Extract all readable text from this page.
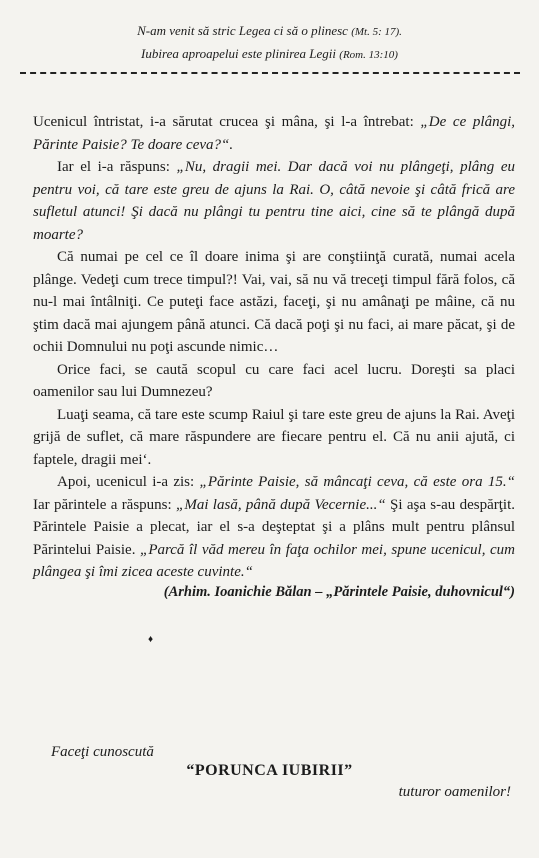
N-am venit să stric Legea ci să o plinesc (Mt. 5: 17).
Iubirea aproapelui este plinirea Legii (Rom. 13:10)

Ucenicul întristat, i-a sărutat crucea şi mâna, şi l-a întrebat: „De ce plângi, Părinte Paisie? Te doare ceva?“.

Iar el i-a răspuns: „Nu, dragii mei. Dar dacă voi nu plângeţi, plâng eu pentru voi, că tare este greu de ajuns la Rai. O, câtă nevoie şi câtă frică are sufletul atunci! Şi dacă nu plângi tu pentru tine aici, cine să te plângă după moarte?

Că numai pe cel ce îl doare inima şi are conştiinţă curată, numai acela plânge. Vedeţi cum trece timpul?! Vai, vai, să nu vă treceţi timpul fără folos, că nu-l mai întâlniţi. Ce puteţi face astăzi, faceţi, şi nu amânaţi pe mâine, că nu ştim dacă mai ajungem până atunci. Că dacă poţi şi nu faci, ai mare păcat, şi de ochii Domnului nu poţi ascunde nimic…

Orice faci, se caută scopul cu care faci acel lucru. Doreşti sa placi oamenilor sau lui Dumnezeu?

Luaţi seama, că tare este scump Raiul şi tare este greu de ajuns la Rai. Aveţi grijă de suflet, că mare răspundere are fiecare pentru el. Că nu anii ajută, ci faptele, dragii mei‘.

Apoi, ucenicul i-a zis: „Părinte Paisie, să mâncaţi ceva, că este ora 15.“ Iar părintele a răspuns: „Mai lasă, până după Vecernie...“ Şi aşa s-au despărţit. Părintele Paisie a plecat, iar el s-a deşteptat şi a plâns mult pentru plânsul Părintelui Paisie. „Parcă îl văd mereu în faţa ochilor mei, spune ucenicul, cum plângea şi îmi zicea aceste cuvinte.“

(Arhim. Ioanichie Bălan – „Părintele Paisie, duhovnicul“)
♦
Faceţi cunoscută
“PORUNCA IUBIRII”
tuturor oamenilor!
